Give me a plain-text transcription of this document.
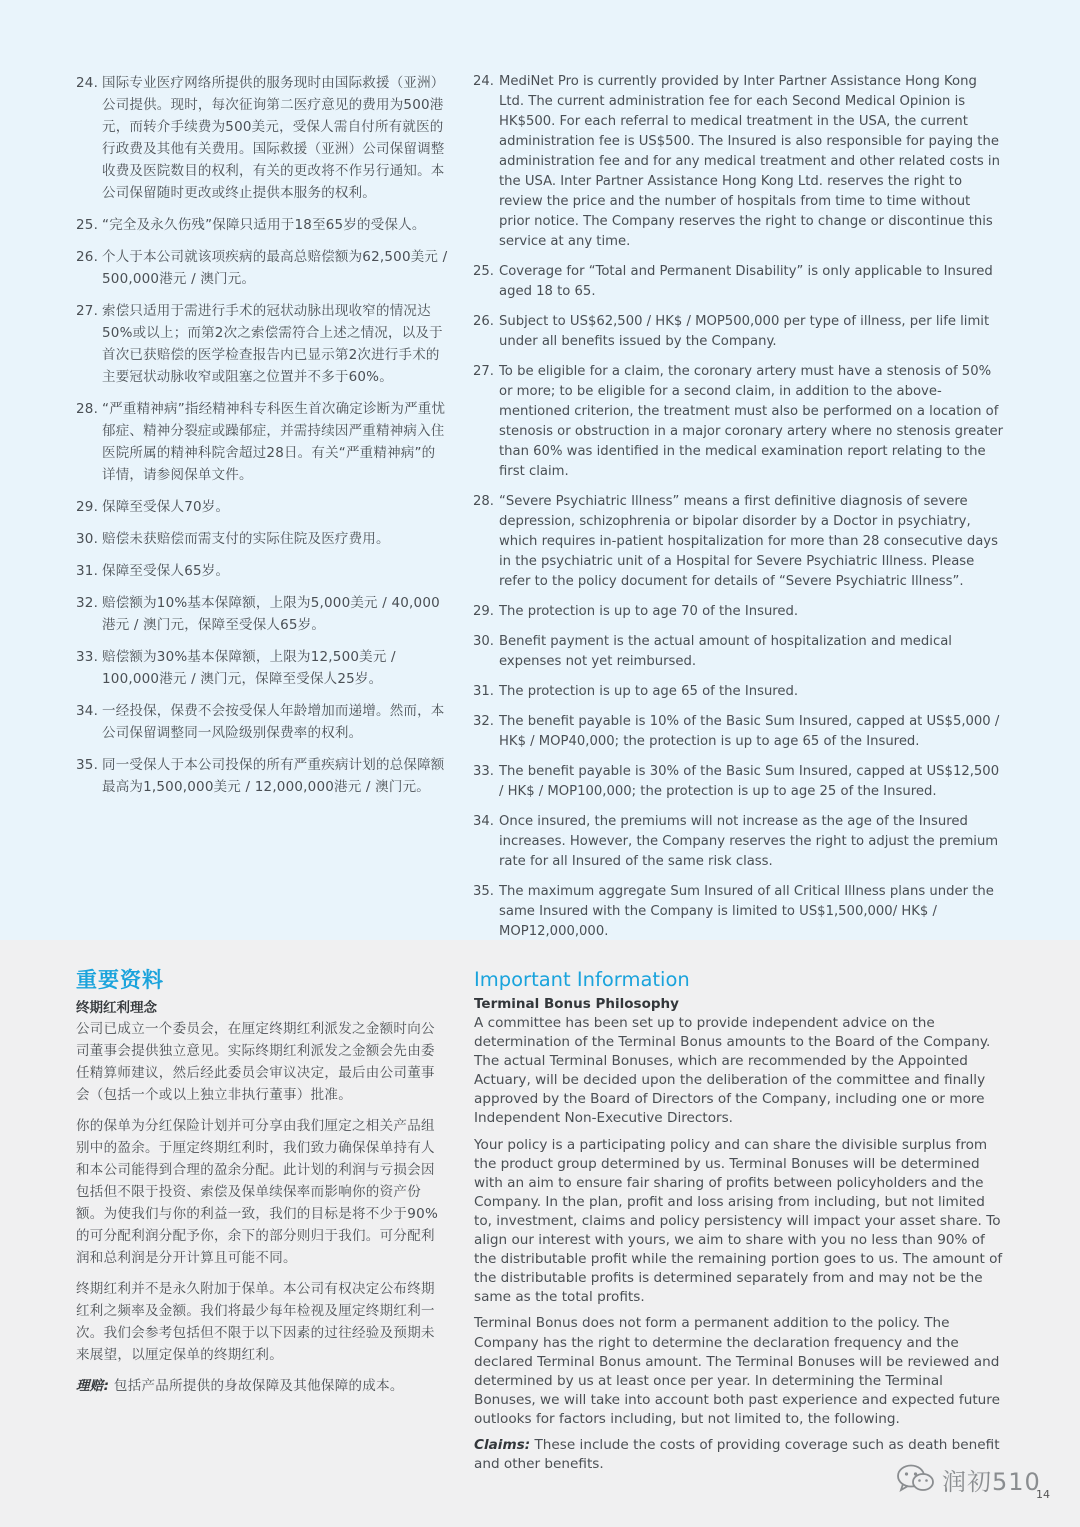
24. 国际专业医疗网络所提供的服务现时由国际救援（亚洲）公司提供。现时，每次征询第二医疗意见的费用为500港元，而转介手续费为500美元，受保人需自付所有就医的行政费及其他有关费用。国际救援（亚洲）公司保留调整收费及医院数目的权利，有关的更改将不作另行通知。本公司保留随时更改或终止提供本服务的权利。
25. “完全及永久伤残”保障只适用于18至65岁的受保人。
26. 个人于本公司就该项疾病的最高总赔偿额为62,500美元 / 500,000港元 / 澳门元。
27. 索偿只适用于需进行手术的冠状动脉出现收窄的情况达50%或以上；而第2次之索偿需符合上述之情况，以及于首次已获赔偿的医学检查报告内已显示第2次进行手术的主要冠状动脉收窄或阻塞之位置并不多于60%。
28. “严重精神病”指经精神科专科医生首次确定诊断为严重忧郁症、精神分裂症或躁郁症，并需持续因严重精神病入住医院所属的精神科院舍超过28日。有关“严重精神病”的详情，请参阅保单文件。
29. 保障至受保人70岁。
30. 赔偿未获赔偿而需支付的实际住院及医疗费用。
31. 保障至受保人65岁。
32. 赔偿额为10%基本保障额，上限为5,000美元 / 40,000港元 / 澳门元，保障至受保人65岁。
33. 赔偿额为30%基本保障额，上限为12,500美元 / 100,000港元 / 澳门元，保障至受保人25岁。
34. 一经投保，保费不会按受保人年龄增加而递增。然而，本公司保留调整同一风险级别保费率的权利。
35. 同一受保人于本公司投保的所有严重疾病计划的总保障额最高为1,500,000美元 / 12,000,000港元 / 澳门元。
24. MediNet Pro is currently provided by Inter Partner Assistance Hong Kong Ltd. The current administration fee for each Second Medical Opinion is HK$500. For each referral to medical treatment in the USA, the current administration fee is US$500. The Insured is also responsible for paying the administration fee and for any medical treatment and other related costs in the USA. Inter Partner Assistance Hong Kong Ltd. reserves the right to review the price and the number of hospitals from time to time without prior notice. The Company reserves the right to change or discontinue this service at any time.
25. Coverage for “Total and Permanent Disability” is only applicable to Insured aged 18 to 65.
26. Subject to US$62,500 / HK$ / MOP500,000 per type of illness, per life limit under all benefits issued by the Company.
27. To be eligible for a claim, the coronary artery must have a stenosis of 50% or more; to be eligible for a second claim, in addition to the above-mentioned criterion, the treatment must also be performed on a location of stenosis or obstruction in a major coronary artery where no stenosis greater than 60% was identified in the medical examination report relating to the first claim.
28. “Severe Psychiatric Illness” means a first definitive diagnosis of severe depression, schizophrenia or bipolar disorder by a Doctor in psychiatry, which requires in-patient hospitalization for more than 28 consecutive days in the psychiatric unit of a Hospital for Severe Psychiatric Illness. Please refer to the policy document for details of “Severe Psychiatric Illness”.
29. The protection is up to age 70 of the Insured.
30. Benefit payment is the actual amount of hospitalization and medical expenses not yet reimbursed.
31. The protection is up to age 65 of the Insured.
32. The benefit payable is 10% of the Basic Sum Insured, capped at US$5,000 / HK$ / MOP40,000; the protection is up to age 65 of the Insured.
33. The benefit payable is 30% of the Basic Sum Insured, capped at US$12,500 / HK$ / MOP100,000; the protection is up to age 25 of the Insured.
34. Once insured, the premiums will not increase as the age of the Insured increases. However, the Company reserves the right to adjust the premium rate for all Insured of the same risk class.
35. The maximum aggregate Sum Insured of all Critical Illness plans under the same Insured with the Company is limited to US$1,500,000/ HK$ / MOP12,000,000.
重要资料

终期红利理念

公司已成立一个委员会，在厘定终期红利派发之金额时向公司董事会提供独立意见。实际终期红利派发之金额会先由委任精算师建议，然后经此委员会审议决定，最后由公司董事会（包括一个或以上独立非执行董事）批准。

你的保单为分红保险计划并可分享由我们厘定之相关产品组别中的盈余。于厘定终期红利时，我们致力确保保单持有人和本公司能得到合理的盈余分配。此计划的利润与亏损会因包括但不限于投资、索偿及保单续保率而影响你的资产份额。为使我们与你的利益一致，我们的目标是将不少于90%的可分配利润分配予你，余下的部分则归于我们。可分配利润和总利润是分开计算且可能不同。

终期红利并不是永久附加于保单。本公司有权决定公布终期红利之频率及金额。我们将最少每年检视及厘定终期红利一次。我们会参考包括但不限于以下因素的过往经验及预期未来展望，以厘定保单的终期红利。

理赔: 包括产品所提供的身故保障及其他保障的成本。

Important Information

Terminal Bonus Philosophy

A committee has been set up to provide independent advice on the determination of the Terminal Bonus amounts to the Board of the Company. The actual Terminal Bonuses, which are recommended by the Appointed Actuary, will be decided upon the deliberation of the committee and finally approved by the Board of Directors of the Company, including one or more Independent Non-Executive Directors.

Your policy is a participating policy and can share the divisible surplus from the product group determined by us. Terminal Bonuses will be determined with an aim to ensure fair sharing of profits between policyholders and the Company. In the plan, profit and loss arising from including, but not limited to, investment, claims and policy persistency will impact your asset share. To align our interest with yours, we aim to share with you no less than 90% of the distributable profit while the remaining portion goes to us. The amount of the distributable profits is determined separately from and may not be the same as the total profits.

Terminal Bonus does not form a permanent addition to the policy. The Company has the right to determine the declaration frequency and the declared Terminal Bonus amount. The Terminal Bonuses will be reviewed and determined by us at least once per year. In determining the Terminal Bonuses, we will take into account both past experience and expected future outlooks for factors including, but not limited to, the following.

Claims: These include the costs of providing coverage such as death benefit and other benefits.

润初510
14
